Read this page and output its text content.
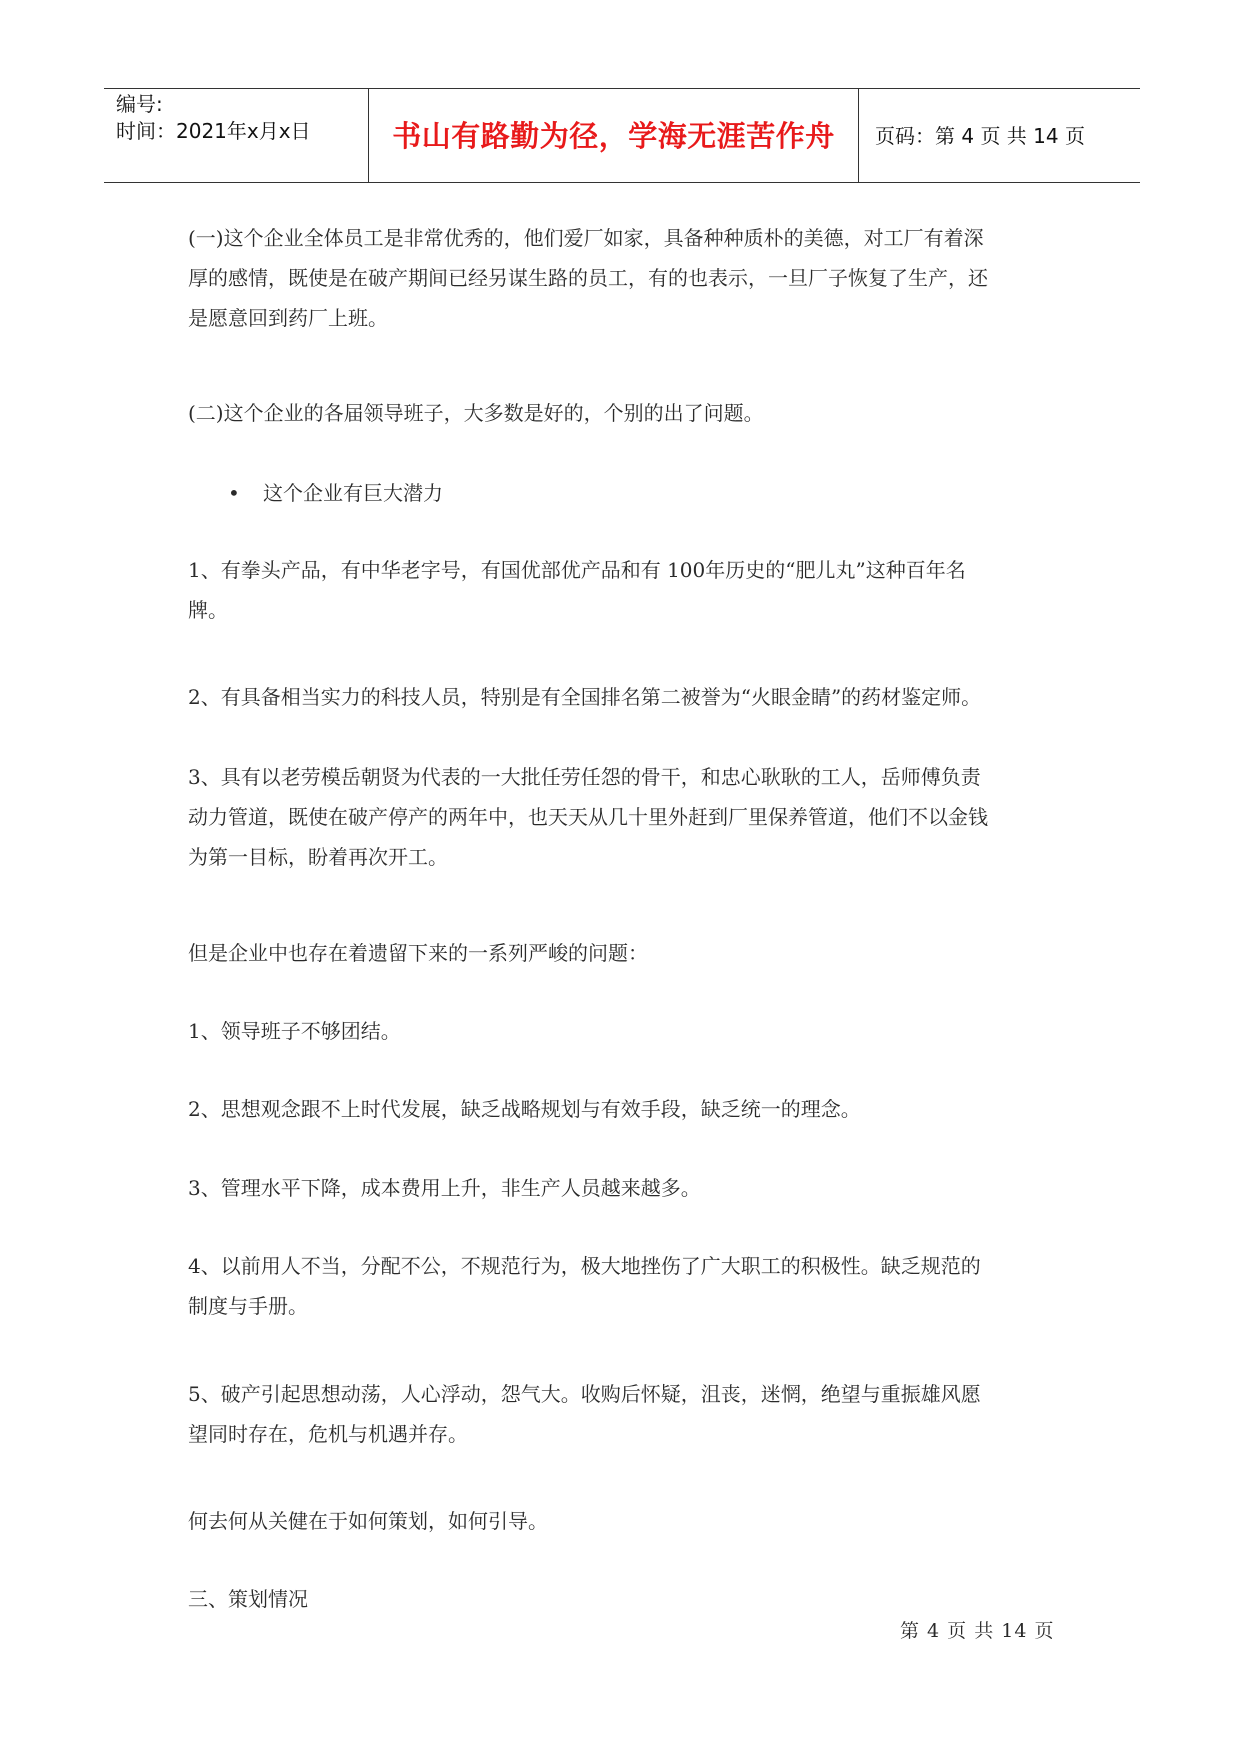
编号:
时间：2021年x月x日	书山有路勤为径，学海无涯苦作舟	页码：第 4 页 共 14 页
(一)这个企业全体员工是非常优秀的，他们爱厂如家，具备种种质朴的美德，对工厂有着深
厚的感情，既使是在破产期间已经另谋生路的员工，有的也表示，一旦厂子恢复了生产，还
是愿意回到药厂上班。
(二)这个企业的各届领导班子，大多数是好的，个别的出了问题。
• 这个企业有巨大潜力
1、有拳头产品，有中华老字号，有国优部优产品和有 100年历史的“肥儿丸”这种百年名
牌。
2、有具备相当实力的科技人员，特别是有全国排名第二被誉为“火眼金睛”的药材鉴定师。
3、具有以老劳模岳朝贤为代表的一大批任劳任怨的骨干，和忠心耿耿的工人，岳师傅负责
动力管道，既使在破产停产的两年中，也天天从几十里外赶到厂里保养管道，他们不以金钱
为第一目标，盼着再次开工。
但是企业中也存在着遗留下来的一系列严峻的问题：
1、领导班子不够团结。
2、思想观念跟不上时代发展，缺乏战略规划与有效手段，缺乏统一的理念。
3、管理水平下降，成本费用上升，非生产人员越来越多。
4、以前用人不当，分配不公，不规范行为，极大地挫伤了广大职工的积极性。缺乏规范的
制度与手册。
5、破产引起思想动荡，人心浮动，怨气大。收购后怀疑，沮丧，迷惘，绝望与重振雄风愿
望同时存在，危机与机遇并存。
何去何从关健在于如何策划，如何引导。
三、策划情况
第 4 页 共 14 页
